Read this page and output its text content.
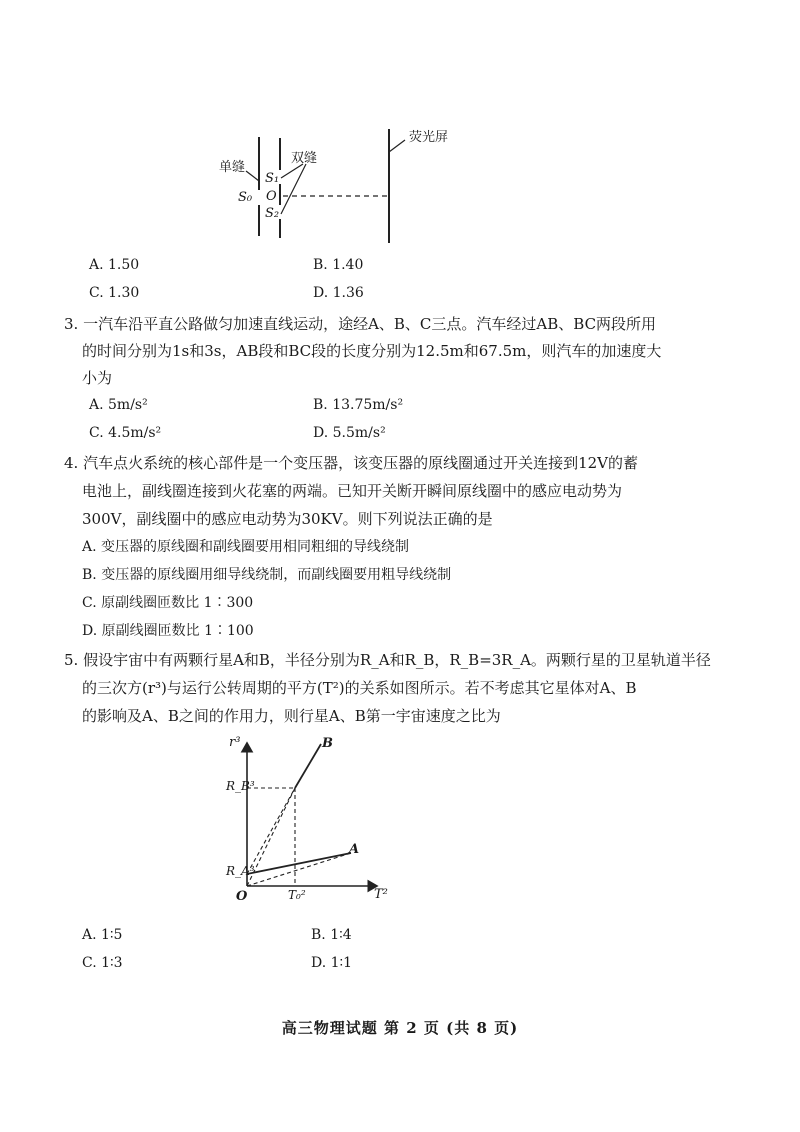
单缝
双缝
荧光屏
S₁
O
S₀
S₂
A. 1.50	B. 1.40
C. 1.30	D. 1.36
3. 一汽车沿平直公路做匀加速直线运动，途经A、B、C三点。汽车经过AB、BC两段所用
的时间分别为1s和3s，AB段和BC段的长度分别为12.5m和67.5m，则汽车的加速度大
小为
A. 5m/s²	B. 13.75m/s²
C. 4.5m/s²	D. 5.5m/s²
4. 汽车点火系统的核心部件是一个变压器，该变压器的原线圈通过开关连接到12V的蓄
电池上，副线圈连接到火花塞的两端。已知开关断开瞬间原线圈中的感应电动势为
300V，副线圈中的感应电动势为30KV。则下列说法正确的是
A. 变压器的原线圈和副线圈要用相同粗细的导线绕制
B. 变压器的原线圈用细导线绕制，而副线圈要用粗导线绕制
C. 原副线圈匝数比 1∶300
D. 原副线圈匝数比 1∶100
5. 假设宇宙中有两颗行星A和B，半径分别为R_A和R_B，R_B=3R_A。两颗行星的卫星轨道半径
的三次方(r³)与运行公转周期的平方(T²)的关系如图所示。若不考虑其它星体对A、B
的影响及A、B之间的作用力，则行星A、B第一宇宙速度之比为
r³
T²
O
R_B³
R_A³
T₀²
B
A
A. 1∶5	B. 1∶4
C. 1∶3	D. 1∶1
高三物理试题 第 2 页 (共 8 页)
